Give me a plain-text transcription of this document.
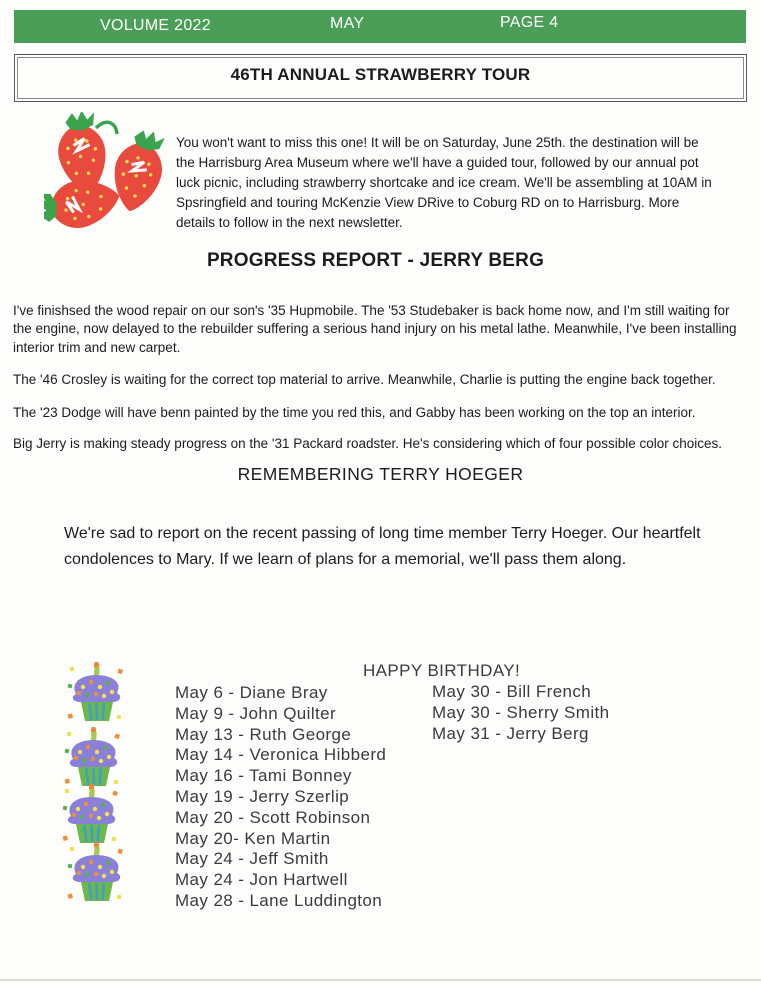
VOLUME 2022	MAY	PAGE 4
46TH ANNUAL STRAWBERRY TOUR

You won't want to miss this one! It will be on Saturday, June 25th. the destination will be the Harrisburg Area Museum where we'll have a guided tour, followed by our annual pot luck picnic, including strawberry shortcake and ice cream. We'll be assembling at 10AM in Spsringfield and touring McKenzie View DRive to Coburg RD on to Harrisburg. More details to follow in the next newsletter.

PROGRESS REPORT - JERRY BERG

I've finishsed the wood repair on our son's '35 Hupmobile. The '53 Studebaker is back home now, and I'm still waiting for the engine, now delayed to the rebuilder suffering a serious hand injury on his metal lathe. Meanwhile, I've been installing interior trim and new carpet.

The '46 Crosley is waiting for the correct top material to arrive. Meanwhile, Charlie is putting the engine back together.

The '23 Dodge will have benn painted by the time you red this, and Gabby has been working on the top an interior.

Big Jerry is making steady progress on the '31 Packard roadster. He's considering which of four possible color choices.

REMEMBERING TERRY HOEGER

We're sad to report on the recent passing of long time member Terry Hoeger. Our heartfelt condolences to Mary. If we learn of plans for a memorial, we'll pass them along.

HAPPY BIRTHDAY!
May 6 - Diane Bray
May 9 - John Quilter
May 13 - Ruth George
May 14 - Veronica Hibberd
May 16 - Tami Bonney
May 19 - Jerry Szerlip
May 20 - Scott Robinson
May 20- Ken Martin
May 24 - Jeff Smith
May 24 - Jon Hartwell
May 28 - Lane Luddington
May 30 - Bill French
May 30 - Sherry Smith
May 31 - Jerry Berg
